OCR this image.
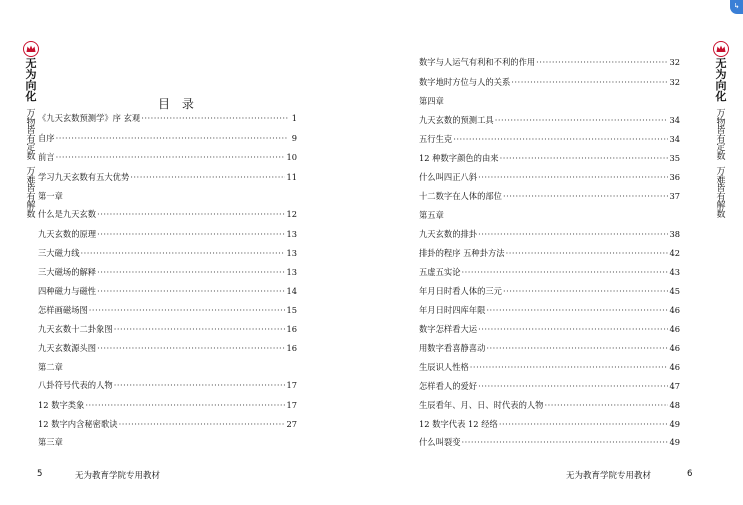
↳
无为向化
万物皆有定数
万难皆有解数
无为向化
万物皆有定数
万难皆有解数
目 录
《九天玄数预测学》序 玄观 ·····	1
自序 ·····	9
前言 ·····	10
学习九天玄数有五大优势 ·····	11
第一章
什么是九天玄数 ·····	12
九天玄数的原理 ·····	13
三大磁力线 ·····	13
三大磁场的解释 ·····	13
四种磁力与磁性 ·····	14
怎样画磁场图 ·····	15
九天玄数十二卦象图 ·····	16
九天玄数源头图 ·····	16
第二章
八卦符号代表的人物 ·····	17
12 数字类象 ·····	17
12 数字内含秘密歌诀 ·····	27
第三章
数字与人运气有利和不利的作用 ·····	32
数字地时方位与人的关系 ·····	32
第四章
九天玄数的预测工具 ·····	34
五行生克 ·····	34
12 种数字颜色的由来 ·····	35
什么叫四正八斜 ·····	36
十二数字在人体的部位 ·····	37
第五章
九天玄数的排卦 ·····	38
排卦的程序 五种卦方法 ·····	42
五虚五实论 ·····	43
年月日时看人体的三元 ·····	45
年月日时四库年限 ·····	46
数字怎样看大运 ·····	46
用数字看喜静喜动 ·····	46
生辰识人性格 ·····	46
怎样看人的爱好 ·····	47
生辰看年、月、日、时代表的人物 ·····	48
12 数字代表 12 经络 ·····	49
什么叫裂变 ·····	49
5	无为教育学院专用教材	无为教育学院专用教材	6
